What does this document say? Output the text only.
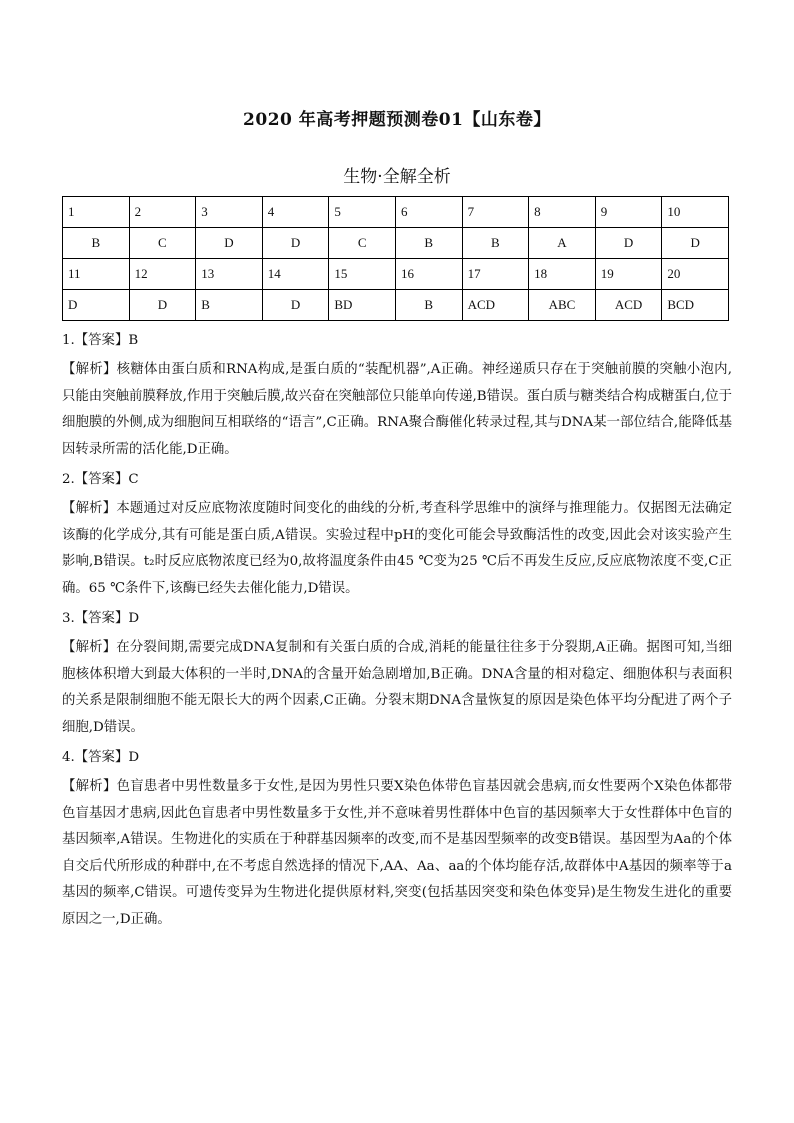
2020 年高考押题预测卷01【山东卷】
生物·全解全析
1	2	3	4	5	6	7	8	9	10
B	C	D	D	C	B	B	A	D	D
11	12	13	14	15	16	17	18	19	20
D	D	B	D	BD	B	ACD	ABC	ACD	BCD

1.【答案】B

【解析】核糖体由蛋白质和RNA构成,是蛋白质的“装配机器”,A正确。神经递质只存在于突触前膜的突触小泡内,只能由突触前膜释放,作用于突触后膜,故兴奋在突触部位只能单向传递,B错误。蛋白质与糖类结合构成糖蛋白,位于细胞膜的外侧,成为细胞间互相联络的“语言”,C正确。RNA聚合酶催化转录过程,其与DNA某一部位结合,能降低基因转录所需的活化能,D正确。

2.【答案】C

【解析】本题通过对反应底物浓度随时间变化的曲线的分析,考查科学思维中的演绎与推理能力。仅据图无法确定该酶的化学成分,其有可能是蛋白质,A错误。实验过程中pH的变化可能会导致酶活性的改变,因此会对该实验产生影响,B错误。t₂时反应底物浓度已经为0,故将温度条件由45 ℃变为25 ℃后不再发生反应,反应底物浓度不变,C正确。65 ℃条件下,该酶已经失去催化能力,D错误。

3.【答案】D

【解析】在分裂间期,需要完成DNA复制和有关蛋白质的合成,消耗的能量往往多于分裂期,A正确。据图可知,当细胞核体积增大到最大体积的一半时,DNA的含量开始急剧增加,B正确。DNA含量的相对稳定、细胞体积与表面积的关系是限制细胞不能无限长大的两个因素,C正确。分裂末期DNA含量恢复的原因是染色体平均分配进了两个子细胞,D错误。

4.【答案】D

【解析】色盲患者中男性数量多于女性,是因为男性只要X染色体带色盲基因就会患病,而女性要两个X染色体都带色盲基因才患病,因此色盲患者中男性数量多于女性,并不意味着男性群体中色盲的基因频率大于女性群体中色盲的基因频率,A错误。生物进化的实质在于种群基因频率的改变,而不是基因型频率的改变B错误。基因型为Aa的个体自交后代所形成的种群中,在不考虑自然选择的情况下,AA、Aa、aa的个体均能存活,故群体中A基因的频率等于a基因的频率,C错误。可遗传变异为生物进化提供原材料,突变(包括基因突变和染色体变异)是生物发生进化的重要原因之一,D正确。
